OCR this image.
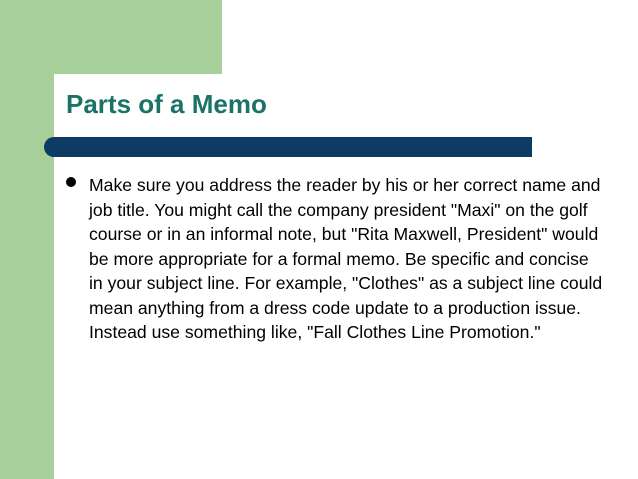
Parts of a Memo
Make sure you address the reader by his or her correct name and job title. You might call the company president "Maxi" on the golf course or in an informal note, but "Rita Maxwell, President" would be more appropriate for a formal memo. Be specific and concise in your subject line. For example, "Clothes" as a subject line could mean anything from a dress code update to a production issue. Instead use something like, "Fall Clothes Line Promotion."
